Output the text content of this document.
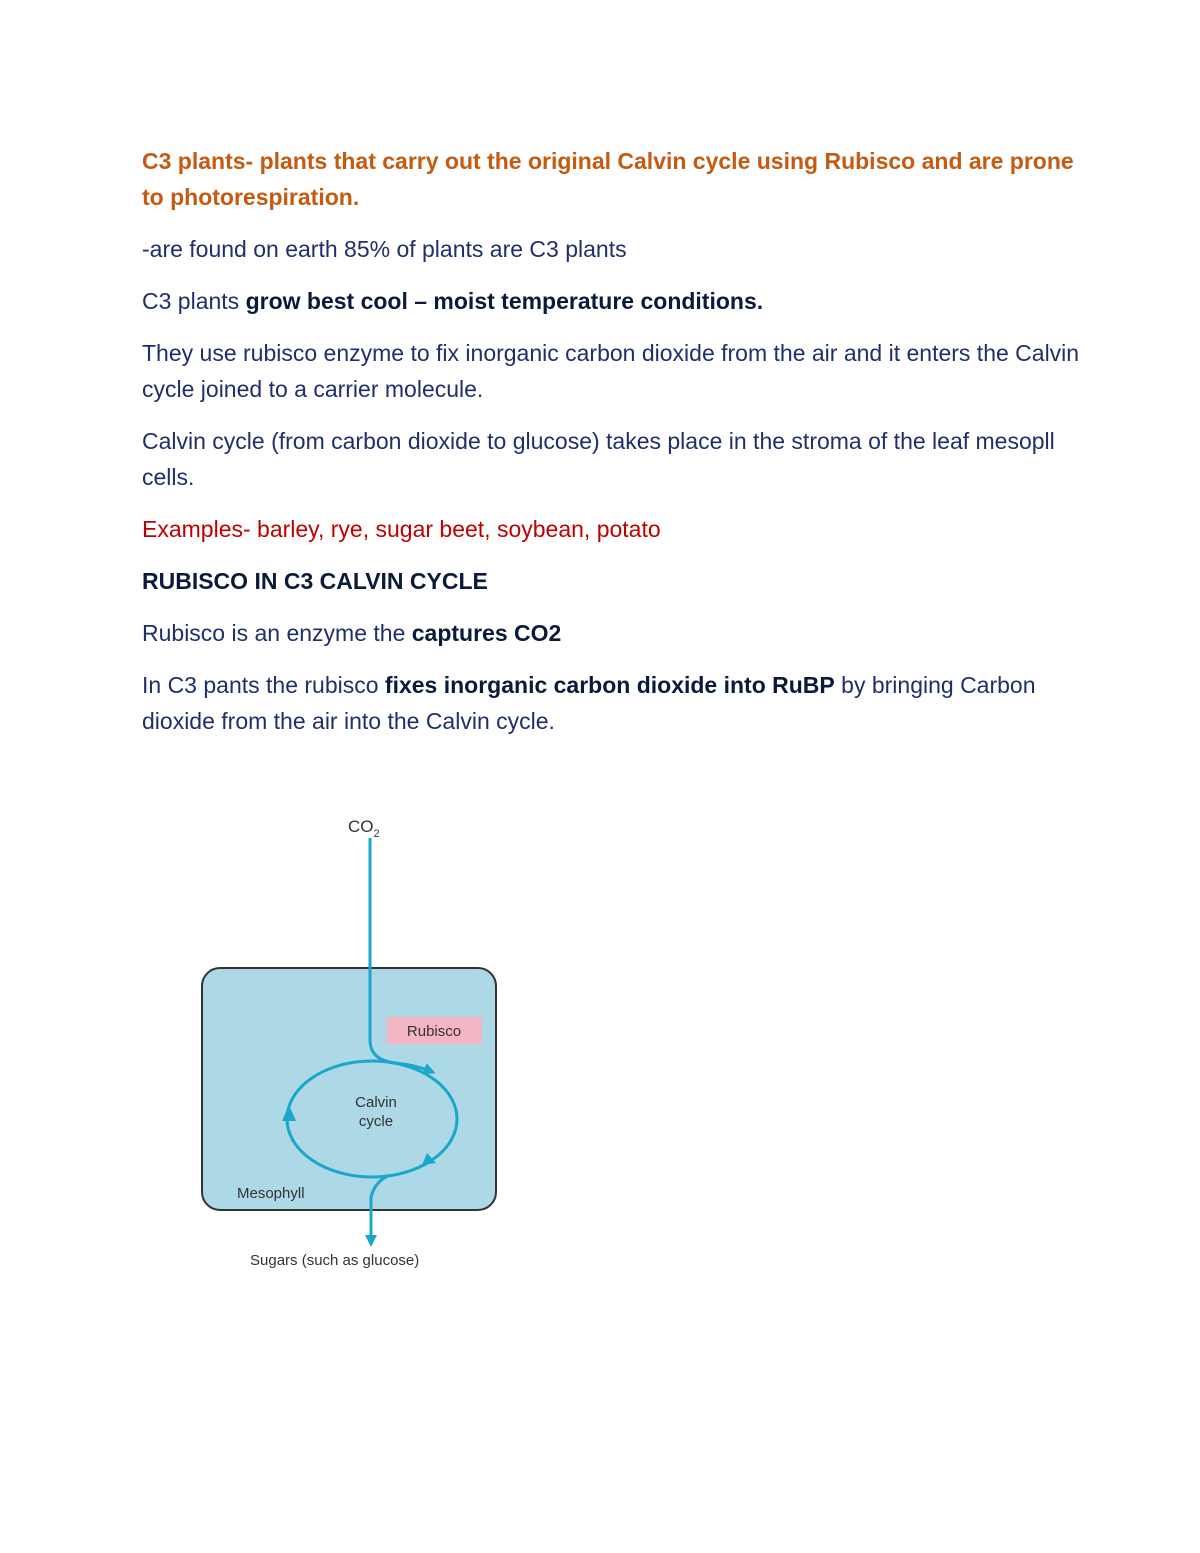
C3 plants- plants that carry out the original Calvin cycle using Rubisco and are prone to photorespiration.

-are found on earth 85% of plants are C3 plants

C3 plants grow best cool – moist temperature conditions.

They use rubisco enzyme to fix inorganic carbon dioxide from the air and it enters the Calvin cycle joined to a carrier molecule.

Calvin cycle (from carbon dioxide to glucose) takes place in the stroma of the leaf mesopll cells.

Examples- barley, rye, sugar beet, soybean, potato

RUBISCO IN C3 CALVIN CYCLE

Rubisco is an enzyme the captures CO2

In C3 pants the rubisco fixes inorganic carbon dioxide into RuBP by bringing Carbon dioxide from the air into the Calvin cycle.

$CO_2$
Rubisco
Calvin
cycle
Mesophyll
Sugars (such as glucose)
